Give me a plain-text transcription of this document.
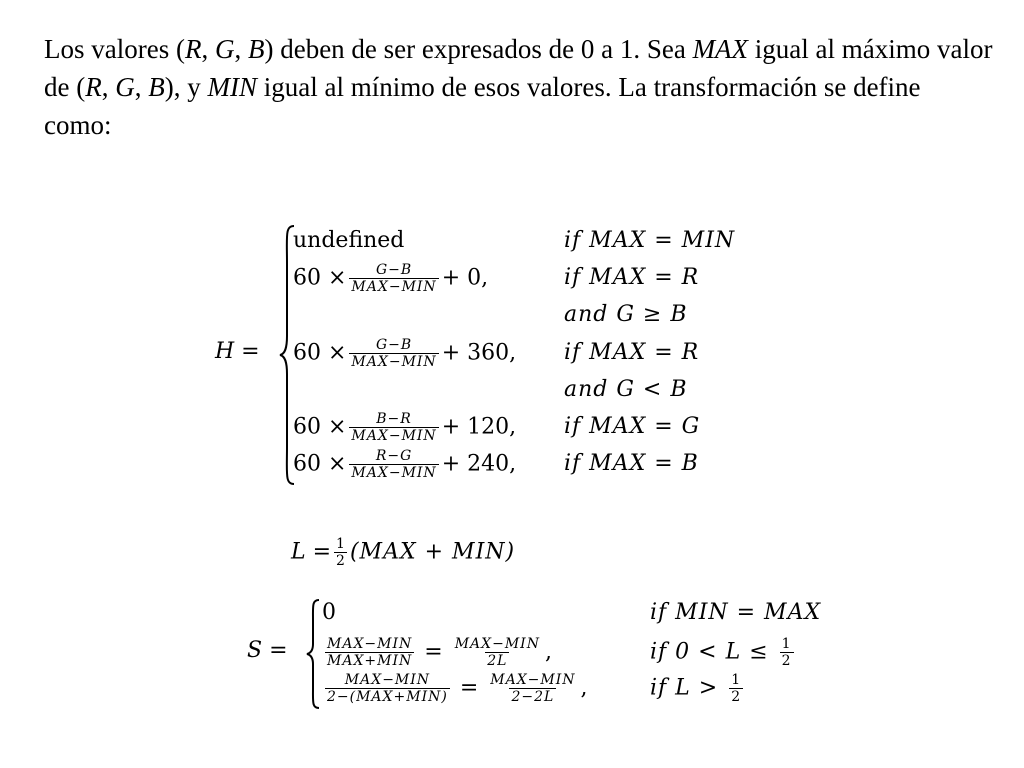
Los valores (R, G, B) deben de ser expresados de 0 a 1. Sea MAX igual al máximo valor de (R, G, B), y MIN igual al mínimo de esos valores. La transformación se define como:
H =
undefined	if MAX = MIN
$60 \times \frac{G-B}{\text{MAX−MIN}} + 0$,	if MAX = R
and G ≥ B
$60 \times \frac{G-B}{\text{MAX−MIN}} + 360$, if MAX = R
and G < B
$60 \times \frac{B-R}{\text{MAX−MIN}} + 120$, if MAX = G
$60 \times \frac{R-G}{\text{MAX−MIN}} + 240$, if MAX = B
$L = \frac{1}{2} (MAX + MIN)$
S =
0	if MIN = MAX
$\frac{\text{MAX−MIN}}{\text{MAX+MIN}} = \frac{\text{MAX−MIN}}{2L}$ ,	if $0 < L \le \frac{1}{2}$
$\frac{\text{MAX−MIN}}{\text{2−(MAX+MIN)}} = \frac{\text{MAX−MIN}}{2-2L}$ ,	if $L > \frac{1}{2}$
